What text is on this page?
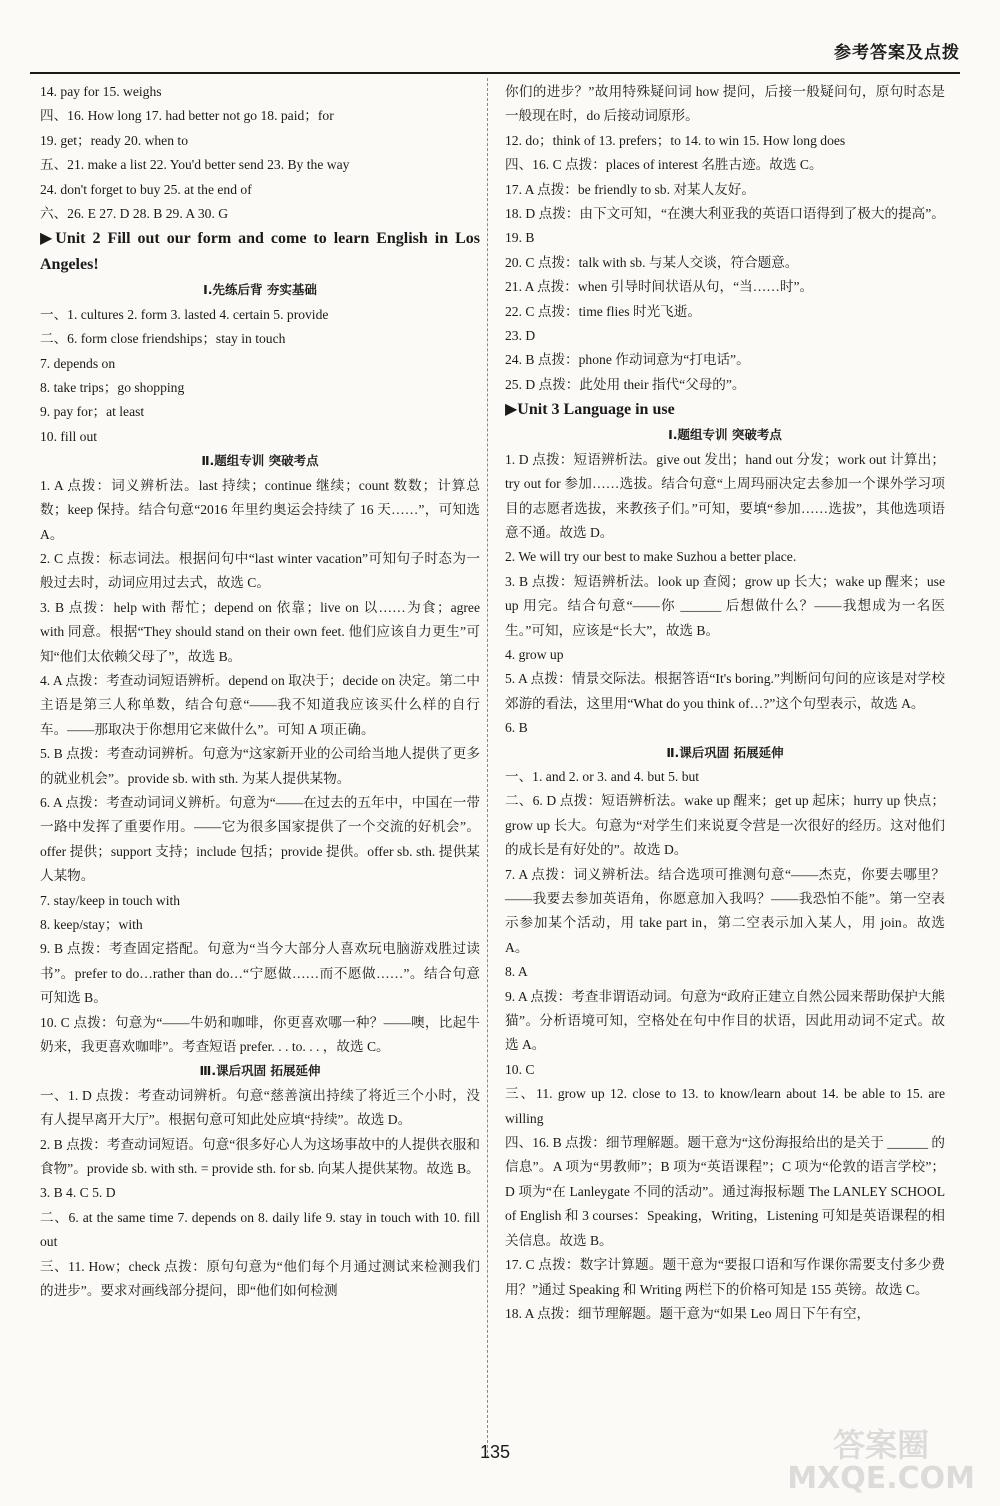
参考答案及点拨
14. pay for 15. weighs
四、16. How long 17. had better not go 18. paid；for
19. get；ready 20. when to
五、21. make a list 22. You'd better send 23. By the way
24. don't forget to buy 25. at the end of
六、26. E 27. D 28. B 29. A 30. G
▶Unit 2 Fill out our form and come to learn English in Los Angeles!
Ⅰ.先练后背 夯实基础
一、1. cultures 2. form 3. lasted 4. certain 5. provide
二、6. form close friendships；stay in touch
7. depends on
8. take trips；go shopping
9. pay for；at least
10. fill out
Ⅱ.题组专训 突破考点
1. A 点拨：词义辨析法。last 持续；continue 继续；count 数数；计算总数；keep 保持。结合句意“2016 年里约奥运会持续了 16 天……”，可知选 A。
2. C 点拨：标志词法。根据问句中“last winter vacation”可知句子时态为一般过去时，动词应用过去式，故选 C。
3. B 点拨：help with 帮忙；depend on 依靠；live on 以……为食；agree with 同意。根据“They should stand on their own feet. 他们应该自力更生”可知“他们太依赖父母了”，故选 B。
4. A 点拨：考查动词短语辨析。depend on 取决于；decide on 决定。第二中主语是第三人称单数，结合句意“——我不知道我应该买什么样的自行车。——那取决于你想用它来做什么”。可知 A 项正确。
5. B 点拨：考查动词辨析。句意为“这家新开业的公司给当地人提供了更多的就业机会”。provide sb. with sth. 为某人提供某物。
6. A 点拨：考查动词词义辨析。句意为“——在过去的五年中，中国在一带一路中发挥了重要作用。——它为很多国家提供了一个交流的好机会”。offer 提供；support 支持；include 包括；provide 提供。offer sb. sth. 提供某人某物。
7. stay/keep in touch with
8. keep/stay；with
9. B 点拨：考查固定搭配。句意为“当今大部分人喜欢玩电脑游戏胜过读书”。prefer to do…rather than do…“宁愿做……而不愿做……”。结合句意可知选 B。
10. C 点拨：句意为“——牛奶和咖啡，你更喜欢哪一种？——噢，比起牛奶来，我更喜欢咖啡”。考查短语 prefer. . . to. . . ，故选 C。
Ⅲ.课后巩固 拓展延伸
一、1. D 点拨：考查动词辨析。句意“慈善演出持续了将近三个小时，没有人提早离开大厅”。根据句意可知此处应填“持续”。故选 D。
2. B 点拨：考查动词短语。句意“很多好心人为这场事故中的人提供衣服和食物”。provide sb. with sth. = provide sth. for sb. 向某人提供某物。故选 B。
3. B 4. C 5. D
二、6. at the same time 7. depends on 8. daily life 9. stay in touch with 10. fill out
三、11. How；check 点拨：原句句意为“他们每个月通过测试来检测我们的进步”。要求对画线部分提问，即“他们如何检测
你们的进步？”故用特殊疑问词 how 提问，后接一般疑问句，原句时态是一般现在时，do 后接动词原形。
12. do；think of 13. prefers；to 14. to win 15. How long does
四、16. C 点拨：places of interest 名胜古迹。故选 C。
17. A 点拨：be friendly to sb. 对某人友好。
18. D 点拨：由下文可知，“在澳大利亚我的英语口语得到了极大的提高”。
19. B
20. C 点拨：talk with sb. 与某人交谈，符合题意。
21. A 点拨：when 引导时间状语从句，“当……时”。
22. C 点拨：time flies 时光飞逝。
23. D
24. B 点拨：phone 作动词意为“打电话”。
25. D 点拨：此处用 their 指代“父母的”。
▶Unit 3 Language in use
Ⅰ.题组专训 突破考点
1. D 点拨：短语辨析法。give out 发出；hand out 分发；work out 计算出；try out for 参加……选拔。结合句意“上周玛丽决定去参加一个课外学习项目的志愿者选拔，来教孩子们。”可知，要填“参加……选拔”，其他选项语意不通。故选 D。
2. We will try our best to make Suzhou a better place.
3. B 点拨：短语辨析法。look up 查阅；grow up 长大；wake up 醒来；use up 用完。结合句意“——你 ______ 后想做什么？——我想成为一名医生。”可知，应该是“长大”，故选 B。
4. grow up
5. A 点拨：情景交际法。根据答语“It's boring.”判断问句问的应该是对学校郊游的看法，这里用“What do you think of…?”这个句型表示，故选 A。
6. B
Ⅱ.课后巩固 拓展延伸
一、1. and 2. or 3. and 4. but 5. but
二、6. D 点拨：短语辨析法。wake up 醒来；get up 起床；hurry up 快点；grow up 长大。句意为“对学生们来说夏令营是一次很好的经历。这对他们的成长是有好处的”。故选 D。
7. A 点拨：词义辨析法。结合选项可推测句意“——杰克，你要去哪里？——我要去参加英语角，你愿意加入我吗？——我恐怕不能”。第一空表示参加某个活动，用 take part in，第二空表示加入某人，用 join。故选 A。
8. A
9. A 点拨：考查非谓语动词。句意为“政府正建立自然公园来帮助保护大熊猫”。分析语境可知，空格处在句中作目的状语，因此用动词不定式。故选 A。
10. C
三、11. grow up 12. close to 13. to know/learn about 14. be able to 15. are willing
四、16. B 点拨：细节理解题。题干意为“这份海报给出的是关于 ______ 的信息”。A 项为“男教师”；B 项为“英语课程”；C 项为“伦敦的语言学校”；D 项为“在 Lanleygate 不同的活动”。通过海报标题 The LANLEY SCHOOL of English 和 3 courses：Speaking，Writing，Listening 可知是英语课程的相关信息。故选 B。
17. C 点拨：数字计算题。题干意为“要报口语和写作课你需要支付多少费用？”通过 Speaking 和 Writing 两栏下的价格可知是 155 英镑。故选 C。
18. A 点拨：细节理解题。题干意为“如果 Leo 周日下午有空，
135	答案圈
MXQE.COM
